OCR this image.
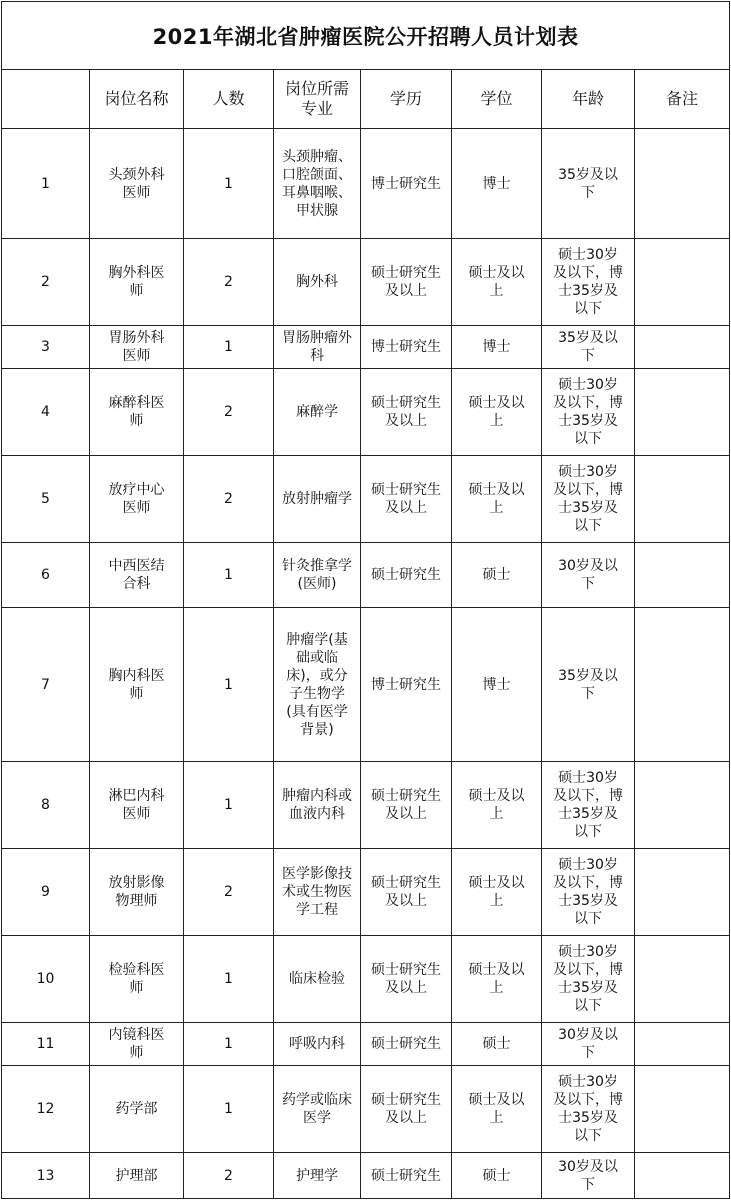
2021年湖北省肿瘤医院公开招聘人员计划表							
	岗位名称	人数	岗位所需专业	学历	学位	年龄	备注
1	头颈外科医师	1	头颈肿瘤、口腔颌面、耳鼻咽喉、甲状腺	博士研究生	博士	35岁及以下	
2	胸外科医师	2	胸外科	硕士研究生及以上	硕士及以上	硕士30岁及以下，博士35岁及以下	
3	胃肠外科医师	1	胃肠肿瘤外科	博士研究生	博士	35岁及以下	
4	麻醉科医师	2	麻醉学	硕士研究生及以上	硕士及以上	硕士30岁及以下，博士35岁及以下	
5	放疗中心医师	2	放射肿瘤学	硕士研究生及以上	硕士及以上	硕士30岁及以下，博士35岁及以下	
6	中西医结合科	1	针灸推拿学(医师)	硕士研究生	硕士	30岁及以下	
7	胸内科医师	1	肿瘤学(基础或临床)，或分子生物学(具有医学背景)	博士研究生	博士	35岁及以下	
8	淋巴内科医师	1	肿瘤内科或血液内科	硕士研究生及以上	硕士及以上	硕士30岁及以下，博士35岁及以下	
9	放射影像物理师	2	医学影像技术或生物医学工程	硕士研究生及以上	硕士及以上	硕士30岁及以下，博士35岁及以下	
10	检验科医师	1	临床检验	硕士研究生及以上	硕士及以上	硕士30岁及以下，博士35岁及以下	
11	内镜科医师	1	呼吸内科	硕士研究生	硕士	30岁及以下	
12	药学部	1	药学或临床医学	硕士研究生及以上	硕士及以上	硕士30岁及以下，博士35岁及以下	
13	护理部	2	护理学	硕士研究生	硕士	30岁及以下	
